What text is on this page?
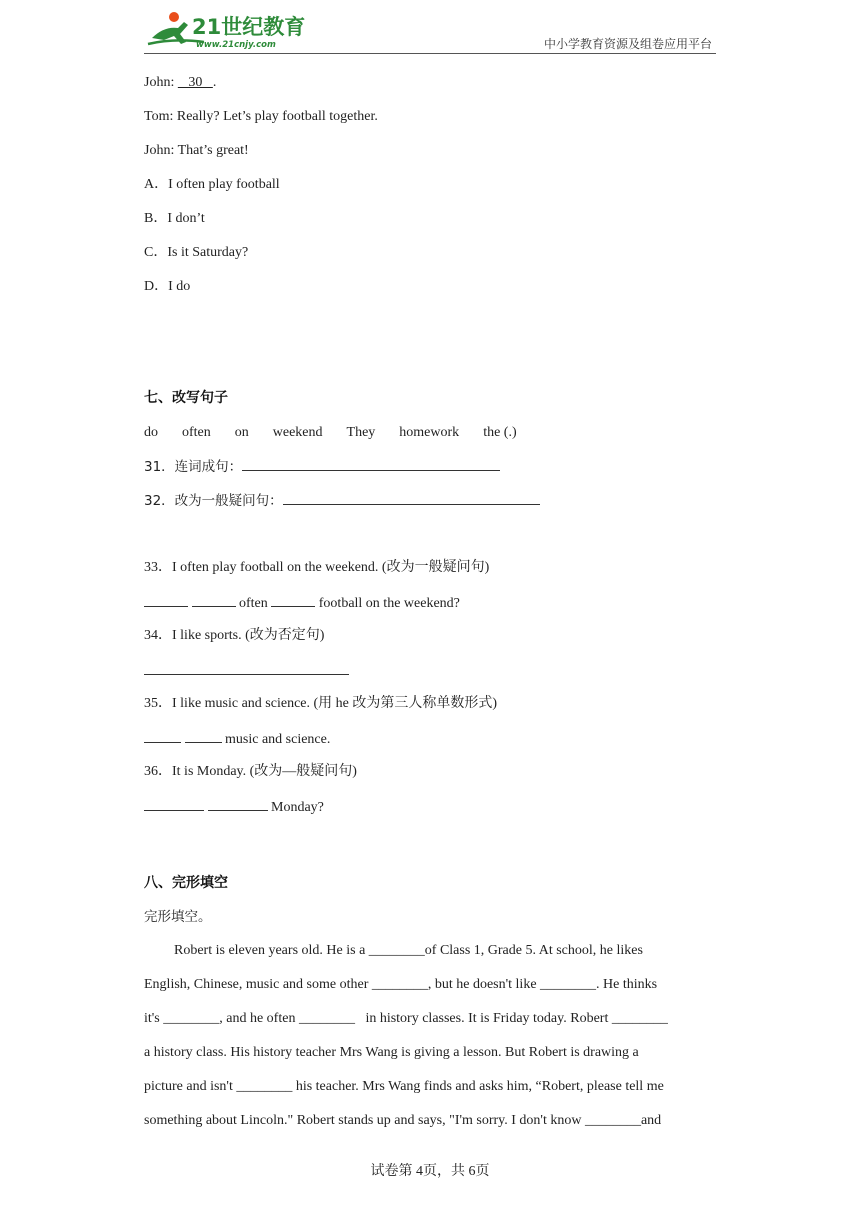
21世纪教育
www.21cnjy.com	中小学教育资源及组卷应用平台
John:    30   .
Tom: Really? Let’s play football together.
John: That’s great!
A．I often play football
B．I don’t
C．Is it Saturday?
D．I do
七、改写句子
do often on weekend They homework the (.)
31．连词成句：
32．改为一般疑问句：
33．I often play football on the weekend. (改为一般疑问句)
often	football on the weekend?
34．I like sports. (改为否定句)
35．I like music and science. (用 he 改为第三人称单数形式)
music and science.
36．It is Monday. (改为—般疑问句)
Monday?
八、完形填空
完形填空。
Robert is eleven years old. He is a ________of Class 1, Grade 5. At school, he likes
English, Chinese, music and some other ________, but he doesn't like ________. He thinks
it's ________, and he often ________   in history classes. It is Friday today. Robert ________
a history class. His history teacher Mrs Wang is giving a lesson. But Robert is drawing a
picture and isn't ________ his teacher. Mrs Wang finds and asks him, “Robert, please tell me
something about Lincoln." Robert stands up and says, "I'm sorry. I don't know ________and
试卷第 4页，共 6页
